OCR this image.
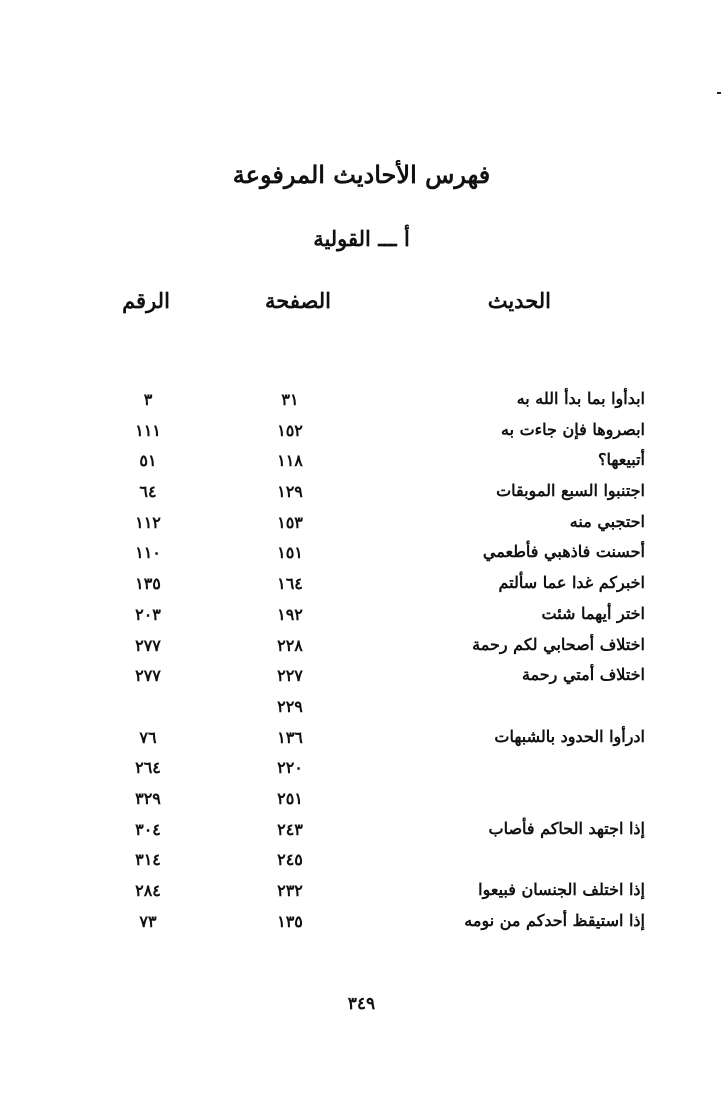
فهرس الأحاديث المرفوعة
أ ـــ القولية
الحديث
الصفحة
الرقم
ابدأوا بما بدأ الله به
٣١
٣
ابصروها فإن جاءت به
١٥٢
١١١
أتبيعها؟
١١٨
٥١
اجتنبوا السبع الموبقات
١٢٩
٦٤
احتجبي منه
١٥٣
١١٢
أحسنت فاذهبي فأطعمي
١٥١
١١٠
اخبركم غدا عما سألتم
١٦٤
١٣٥
اختر أيهما شئت
١٩٢
٢٠٣
اختلاف أصحابي لكم رحمة
٢٢٨
٢٧٧
اختلاف أمتي رحمة
٢٢٧
٢٧٧
٢٢٩
ادرأوا الحدود بالشبهات
١٣٦
٧٦
٢٢٠
٢٦٤
٢٥١
٣٢٩
إذا اجتهد الحاكم فأصاب
٢٤٣
٣٠٤
٢٤٥
٣١٤
إذا اختلف الجنسان فبيعوا
٢٣٢
٢٨٤
إذا استيقظ أحدكم من نومه
١٣٥
٧٣
٣٤٩
